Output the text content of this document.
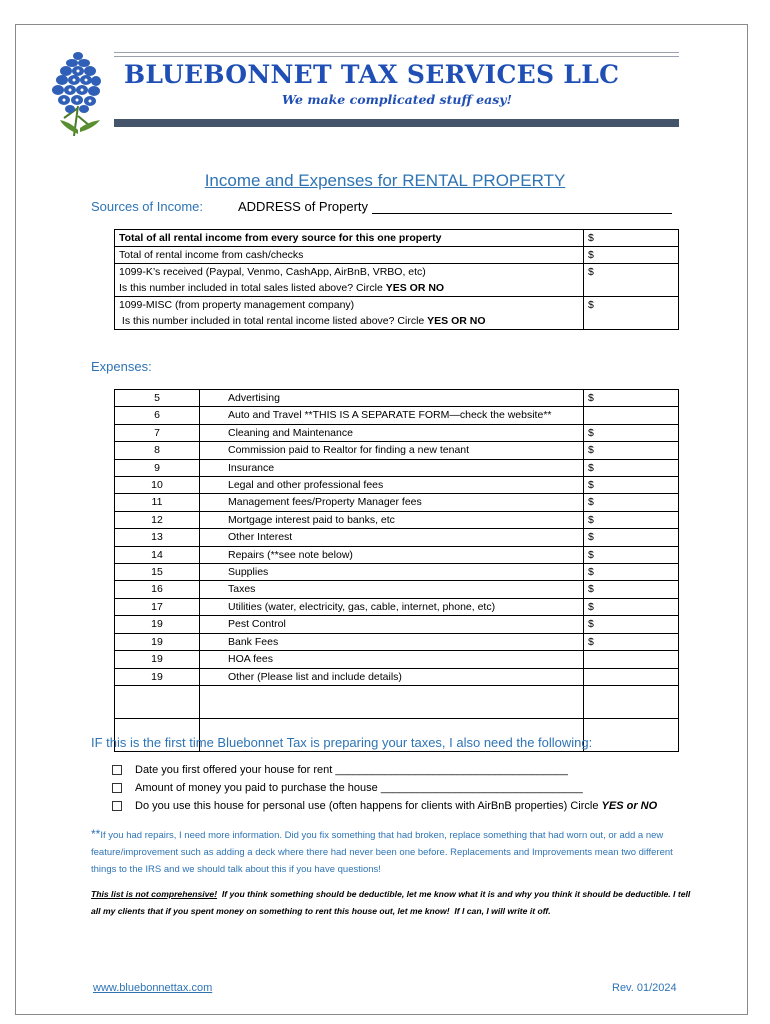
BLUEBONNET TAX SERVICES LLC
We make complicated stuff easy!
Income and Expenses for RENTAL PROPERTY
Sources of Income:	ADDRESS of Property
Total of all rental income from every source for this one property	$
Total of rental income from cash/checks	$

1099-K’s received (Paypal, Venmo, CashApp, AirBnB, VRBO, etc)
Is this number included in total sales listed above? Circle YES OR NO	$

1099-MISC (from property management company)
Is this number included in total rental income listed above? Circle YES OR NO	$
Expenses:
5	Advertising	$
6	Auto and Travel **THIS IS A SEPARATE FORM—check the website**	
7	Cleaning and Maintenance	$
8	Commission paid to Realtor for finding a new tenant	$
9	Insurance	$
10	Legal and other professional fees	$
11	Management fees/Property Manager fees	$
12	Mortgage interest paid to banks, etc	$
13	Other Interest	$
14	Repairs (**see note below)	$
15	Supplies	$
16	Taxes	$
17	Utilities (water, electricity, gas, cable, internet, phone, etc)	$
19	Pest Control	$
19	Bank Fees	$
19	HOA fees	
19	Other (Please list and include details)	

IF this is the first time Bluebonnet Tax is preparing your taxes, I also need the following:
Date you first offered your house for rent ______________________________________
Amount of money you paid to purchase the house _________________________________
Do you use this house for personal use (often happens for clients with AirBnB properties) Circle YES or NO
**If you had repairs, I need more information. Did you fix something that had broken, replace something that had worn out, or add a new feature/improvement such as adding a deck where there had never been one before. Replacements and Improvements mean two different things to the IRS and we should talk about this if you have questions!
This list is not comprehensive!  If you think something should be deductible, let me know what it is and why you think it should be deductible. I tell all my clients that if you spent money on something to rent this house out, let me know!  If I can, I will write it off.
www.bluebonnettax.com	Rev. 01/2024
